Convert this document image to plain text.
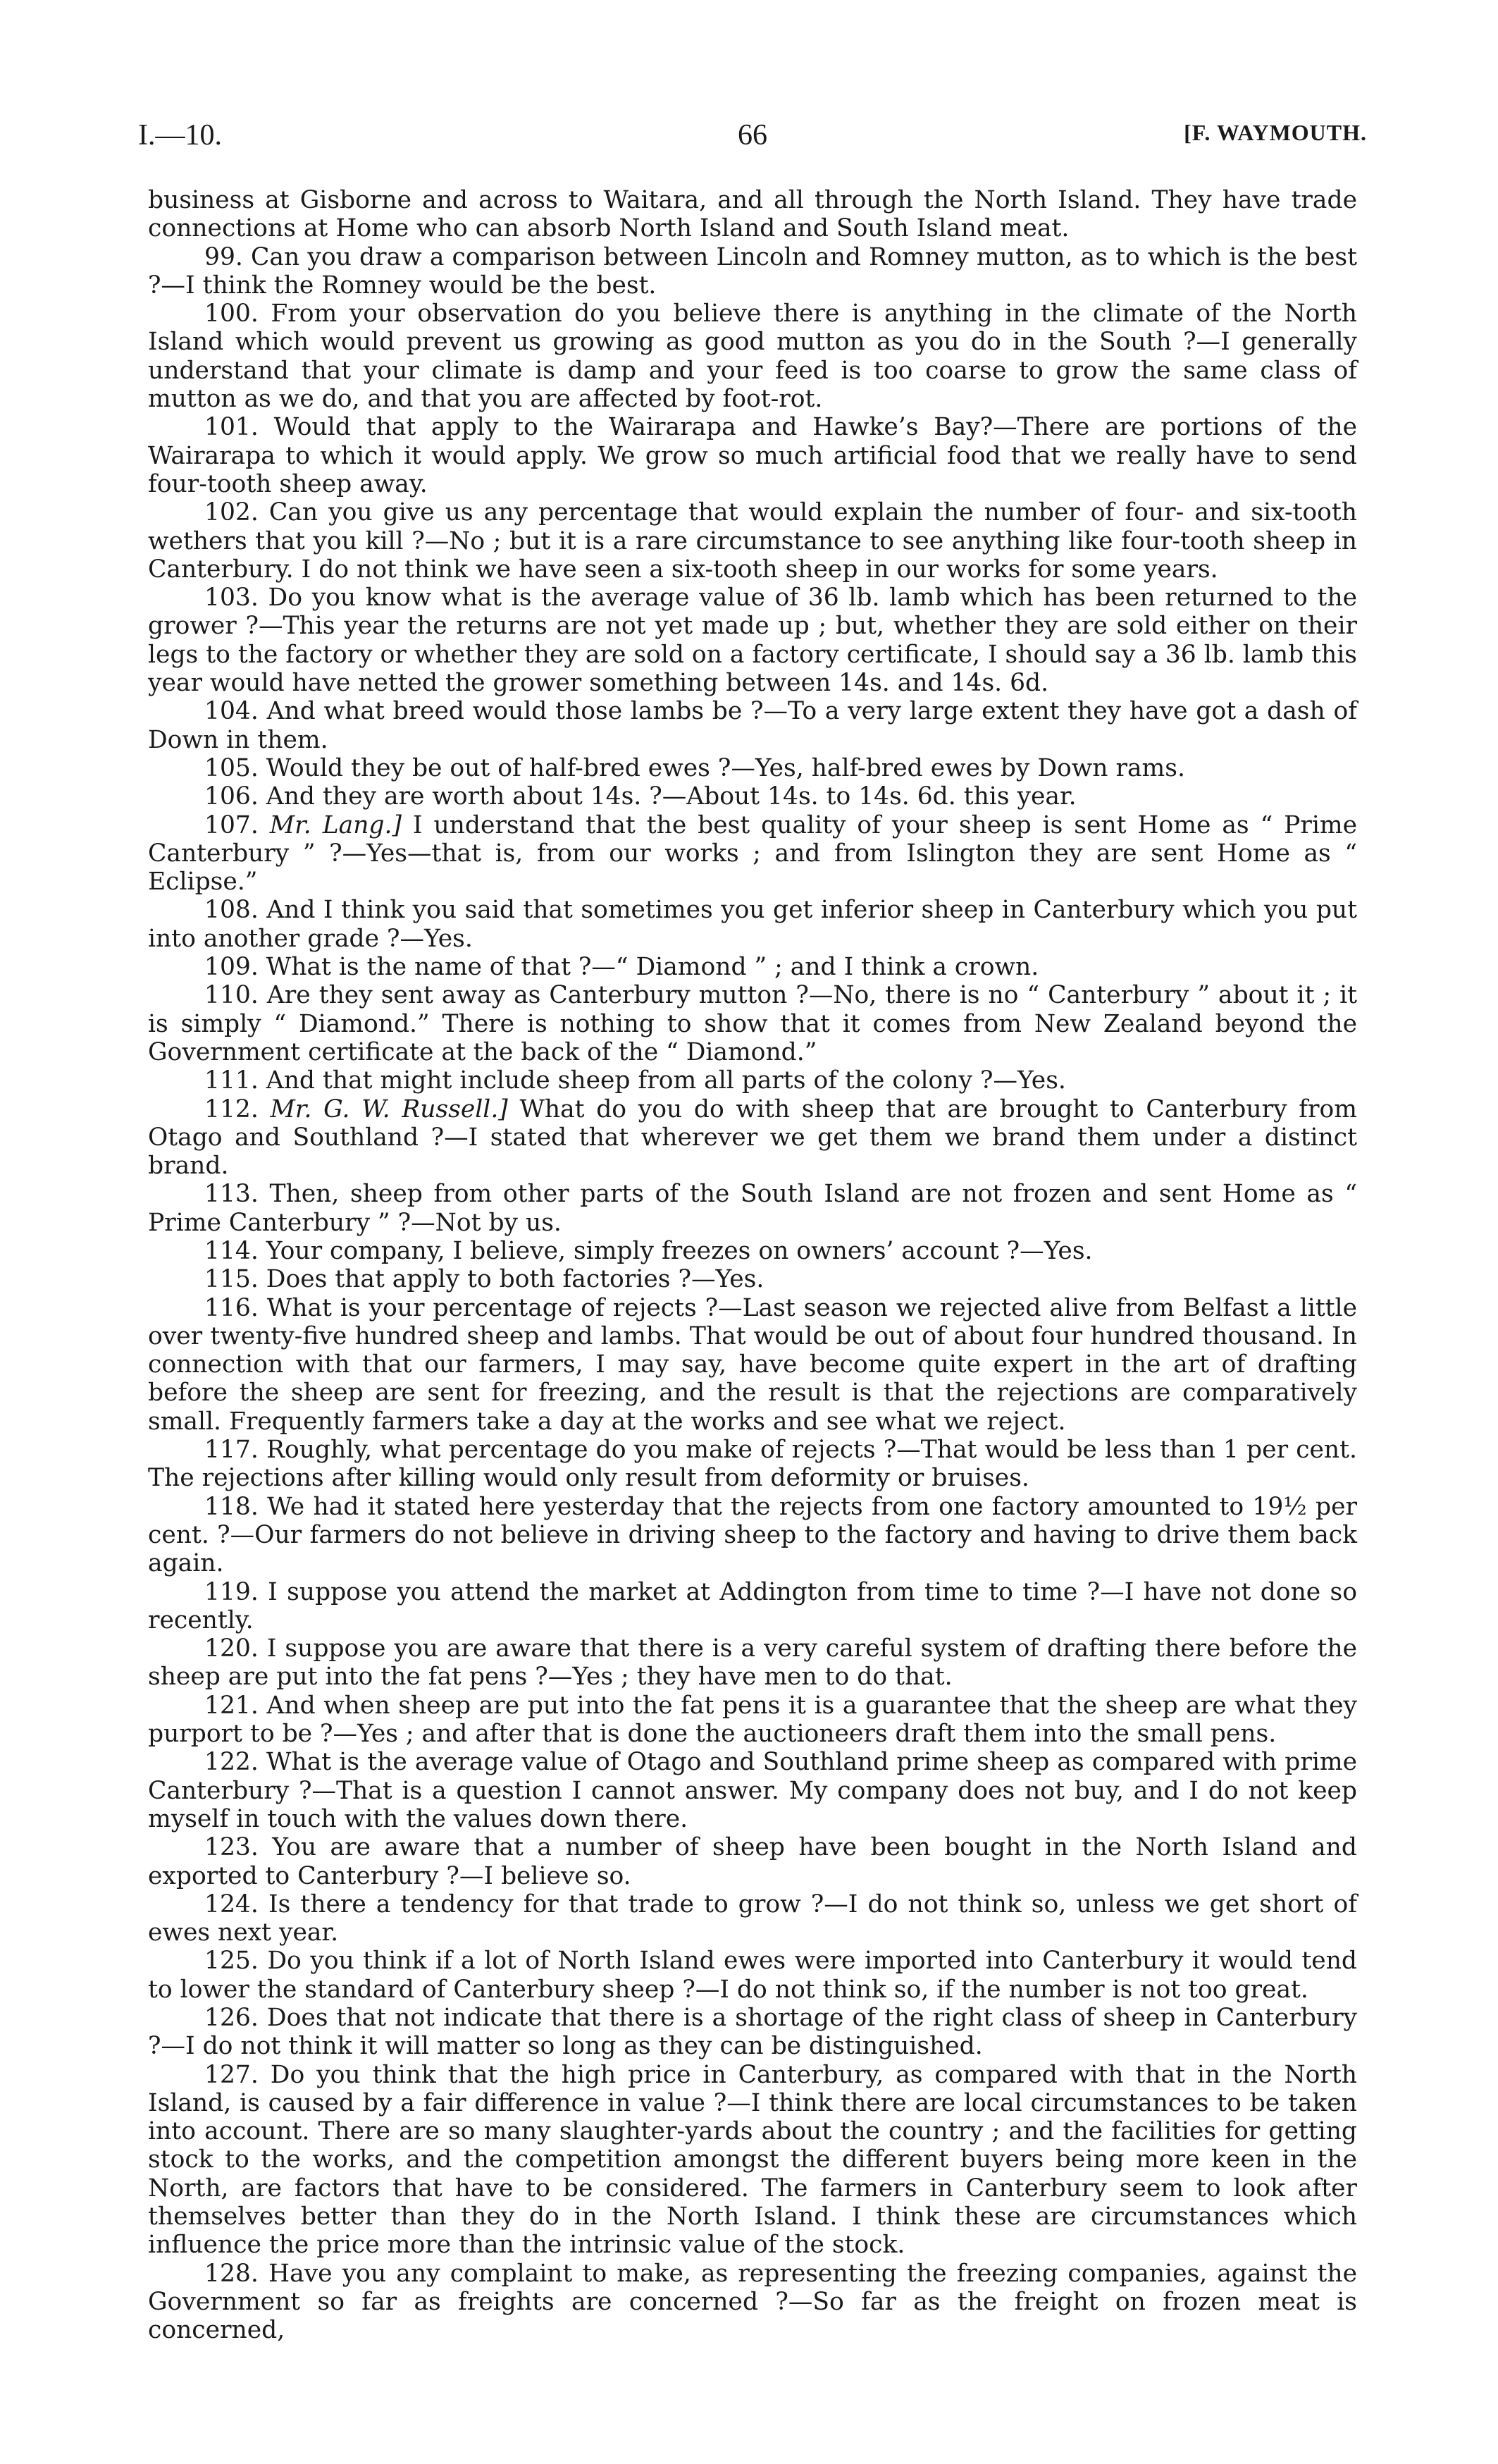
I.—10.	66	[F. WAYMOUTH.

business at Gisborne and across to Waitara, and all through the North Island. They have trade connections at Home who can absorb North Island and South Island meat.

99. Can you draw a comparison between Lincoln and Romney mutton, as to which is the best ?—I think the Romney would be the best.

100. From your observation do you believe there is anything in the climate of the North Island which would prevent us growing as good mutton as you do in the South ?—I generally understand that your climate is damp and your feed is too coarse to grow the same class of mutton as we do, and that you are affected by foot-rot.

101. Would that apply to the Wairarapa and Hawke’s Bay?—There are portions of the Wairarapa to which it would apply. We grow so much artificial food that we really have to send four-tooth sheep away.

102. Can you give us any percentage that would explain the number of four- and six-tooth wethers that you kill ?—No ; but it is a rare circumstance to see anything like four-tooth sheep in Canterbury. I do not think we have seen a six-tooth sheep in our works for some years.

103. Do you know what is the average value of 36 lb. lamb which has been returned to the grower ?—This year the returns are not yet made up ; but, whether they are sold either on their legs to the factory or whether they are sold on a factory certificate, I should say a 36 lb. lamb this year would have netted the grower something between 14s. and 14s. 6d.

104. And what breed would those lambs be ?—To a very large extent they have got a dash of Down in them.

105. Would they be out of half-bred ewes ?—Yes, half-bred ewes by Down rams.

106. And they are worth about 14s. ?—About 14s. to 14s. 6d. this year.

107. Mr. Lang.] I understand that the best quality of your sheep is sent Home as “ Prime Canterbury ” ?—Yes—that is, from our works ; and from Islington they are sent Home as “ Eclipse.”

108. And I think you said that sometimes you get inferior sheep in Canterbury which you put into another grade ?—Yes.

109. What is the name of that ?—“ Diamond ” ; and I think a crown.

110. Are they sent away as Canterbury mutton ?—No, there is no “ Canterbury ” about it ; it is simply “ Diamond.” There is nothing to show that it comes from New Zealand beyond the Government certificate at the back of the “ Diamond.”

111. And that might include sheep from all parts of the colony ?—Yes.

112. Mr. G. W. Russell.] What do you do with sheep that are brought to Canterbury from Otago and Southland ?—I stated that wherever we get them we brand them under a distinct brand.

113. Then, sheep from other parts of the South Island are not frozen and sent Home as “ Prime Canterbury ” ?—Not by us.

114. Your company, I believe, simply freezes on owners’ account ?—Yes.

115. Does that apply to both factories ?—Yes.

116. What is your percentage of rejects ?—Last season we rejected alive from Belfast a little over twenty-five hundred sheep and lambs. That would be out of about four hundred thousand. In connection with that our farmers, I may say, have become quite expert in the art of drafting before the sheep are sent for freezing, and the result is that the rejections are comparatively small. Frequently farmers take a day at the works and see what we reject.

117. Roughly, what percentage do you make of rejects ?—That would be less than 1 per cent. The rejections after killing would only result from deformity or bruises.

118. We had it stated here yesterday that the rejects from one factory amounted to 19½ per cent. ?—Our farmers do not believe in driving sheep to the factory and having to drive them back again.

119. I suppose you attend the market at Addington from time to time ?—I have not done so recently.

120. I suppose you are aware that there is a very careful system of drafting there before the sheep are put into the fat pens ?—Yes ; they have men to do that.

121. And when sheep are put into the fat pens it is a guarantee that the sheep are what they purport to be ?—Yes ; and after that is done the auctioneers draft them into the small pens.

122. What is the average value of Otago and Southland prime sheep as compared with prime Canterbury ?—That is a question I cannot answer. My company does not buy, and I do not keep myself in touch with the values down there.

123. You are aware that a number of sheep have been bought in the North Island and exported to Canterbury ?—I believe so.

124. Is there a tendency for that trade to grow ?—I do not think so, unless we get short of ewes next year.

125. Do you think if a lot of North Island ewes were imported into Canterbury it would tend to lower the standard of Canterbury sheep ?—I do not think so, if the number is not too great.

126. Does that not indicate that there is a shortage of the right class of sheep in Canterbury ?—I do not think it will matter so long as they can be distinguished.

127. Do you think that the high price in Canterbury, as compared with that in the North Island, is caused by a fair difference in value ?—I think there are local circumstances to be taken into account. There are so many slaughter-yards about the country ; and the facilities for getting stock to the works, and the competition amongst the different buyers being more keen in the North, are factors that have to be considered. The farmers in Canterbury seem to look after themselves better than they do in the North Island. I think these are circumstances which influence the price more than the intrinsic value of the stock.

128. Have you any complaint to make, as representing the freezing companies, against the Government so far as freights are concerned ?—So far as the freight on frozen meat is concerned,
